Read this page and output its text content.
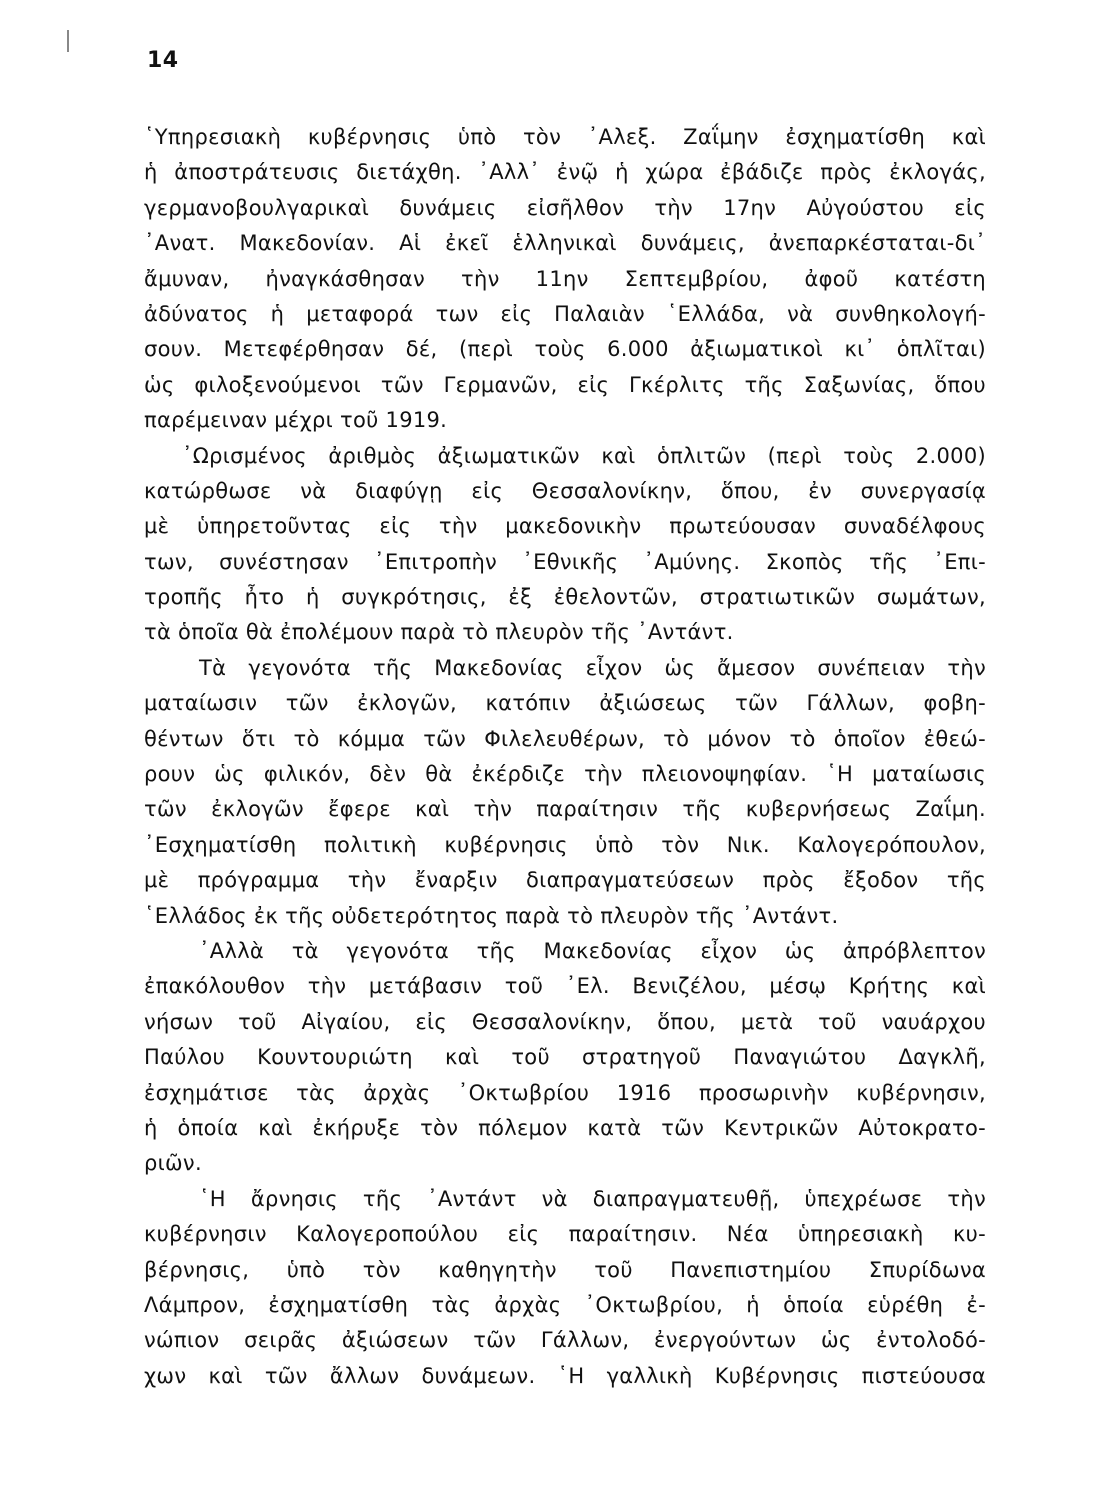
14
῾Υπηρεσιακὴ κυβέρνησις ὑπὸ τὸν ᾿Αλεξ. Ζαΐμην ἐσχηματίσθη καὶ
ἡ ἀποστράτευσις διετάχθη. ᾿Αλλ᾿ ἐνῷ ἡ χώρα ἐβάδιζε πρὸς ἐκλογάς,
γερμανοβουλγαρικαὶ δυνάμεις εἰσῆλθον τὴν 17ην Αὐγούστου εἰς
᾿Ανατ. Μακεδονίαν. Αἱ ἐκεῖ ἑλληνικαὶ δυνάμεις, ἀνεπαρκέσταται-δι᾿
ἄμυναν, ἠναγκάσθησαν τὴν 11ην Σεπτεμβρίου, ἀφοῦ κατέστη
ἀδύνατος ἡ μεταφορά των εἰς Παλαιὰν ῾Ελλάδα, νὰ συνθηκολογή-
σουν. Μετεφέρθησαν δέ, (περὶ τοὺς 6.000 ἀξιωματικοὶ κι᾿ ὁπλῖται)
ὡς φιλοξενούμενοι τῶν Γερμανῶν, εἰς Γκέρλιτς τῆς Σαξωνίας, ὅπου
παρέμειναν μέχρι τοῦ 1919.
᾿Ωρισμένος ἀριθμὸς ἀξιωματικῶν καὶ ὁπλιτῶν (περὶ τοὺς 2.000)
κατώρθωσε νὰ διαφύγῃ εἰς Θεσσαλονίκην, ὅπου, ἐν συνεργασίᾳ
μὲ ὑπηρετοῦντας εἰς τὴν μακεδονικὴν πρωτεύουσαν συναδέλφους
των, συνέστησαν ᾿Επιτροπὴν ᾿Εθνικῆς ᾿Αμύνης. Σκοπὸς τῆς ᾿Επι-
τροπῆς ἦτο ἡ συγκρότησις, ἐξ ἐθελοντῶν, στρατιωτικῶν σωμάτων,
τὰ ὁποῖα θὰ ἐπολέμουν παρὰ τὸ πλευρὸν τῆς ᾿Αντάντ.
Τὰ γεγονότα τῆς Μακεδονίας εἶχον ὡς ἄμεσον συνέπειαν τὴν
ματαίωσιν τῶν ἐκλογῶν, κατόπιν ἀξιώσεως τῶν Γάλλων, φοβη-
θέντων ὅτι τὸ κόμμα τῶν Φιλελευθέρων, τὸ μόνον τὸ ὁποῖον ἐθεώ-
ρουν ὡς φιλικόν, δὲν θὰ ἐκέρδιζε τὴν πλειονοψηφίαν. ῾Η ματαίωσις
τῶν ἐκλογῶν ἔφερε καὶ τὴν παραίτησιν τῆς κυβερνήσεως Ζαΐμη.
᾿Εσχηματίσθη πολιτικὴ κυβέρνησις ὑπὸ τὸν Νικ. Καλογερόπουλον,
μὲ πρόγραμμα τὴν ἔναρξιν διαπραγματεύσεων πρὸς ἔξοδον τῆς
῾Ελλάδος ἐκ τῆς οὐδετερότητος παρὰ τὸ πλευρὸν τῆς ᾿Αντάντ.
᾿Αλλὰ τὰ γεγονότα τῆς Μακεδονίας εἶχον ὡς ἀπρόβλεπτον
ἐπακόλουθον τὴν μετάβασιν τοῦ ᾿Ελ. Βενιζέλου, μέσῳ Κρήτης καὶ
νήσων τοῦ Αἰγαίου, εἰς Θεσσαλονίκην, ὅπου, μετὰ τοῦ ναυάρχου
Παύλου Κουντουριώτη καὶ τοῦ στρατηγοῦ Παναγιώτου Δαγκλῆ,
ἐσχημάτισε τὰς ἀρχὰς ᾿Οκτωβρίου 1916 προσωρινὴν κυβέρνησιν,
ἡ ὁποία καὶ ἐκήρυξε τὸν πόλεμον κατὰ τῶν Κεντρικῶν Αὐτοκρατο-
ριῶν.
῾Η ἄρνησις τῆς ᾿Αντάντ νὰ διαπραγματευθῇ, ὑπεχρέωσε τὴν
κυβέρνησιν Καλογεροπούλου εἰς παραίτησιν. Νέα ὑπηρεσιακὴ κυ-
βέρνησις, ὑπὸ τὸν καθηγητὴν τοῦ Πανεπιστημίου Σπυρίδωνα
Λάμπρον, ἐσχηματίσθη τὰς ἀρχὰς ᾿Οκτωβρίου, ἡ ὁποία εὑρέθη ἐ-
νώπιον σειρᾶς ἀξιώσεων τῶν Γάλλων, ἐνεργούντων ὡς ἐντολοδό-
χων καὶ τῶν ἄλλων δυνάμεων. ῾Η γαλλικὴ Κυβέρνησις πιστεύουσα
